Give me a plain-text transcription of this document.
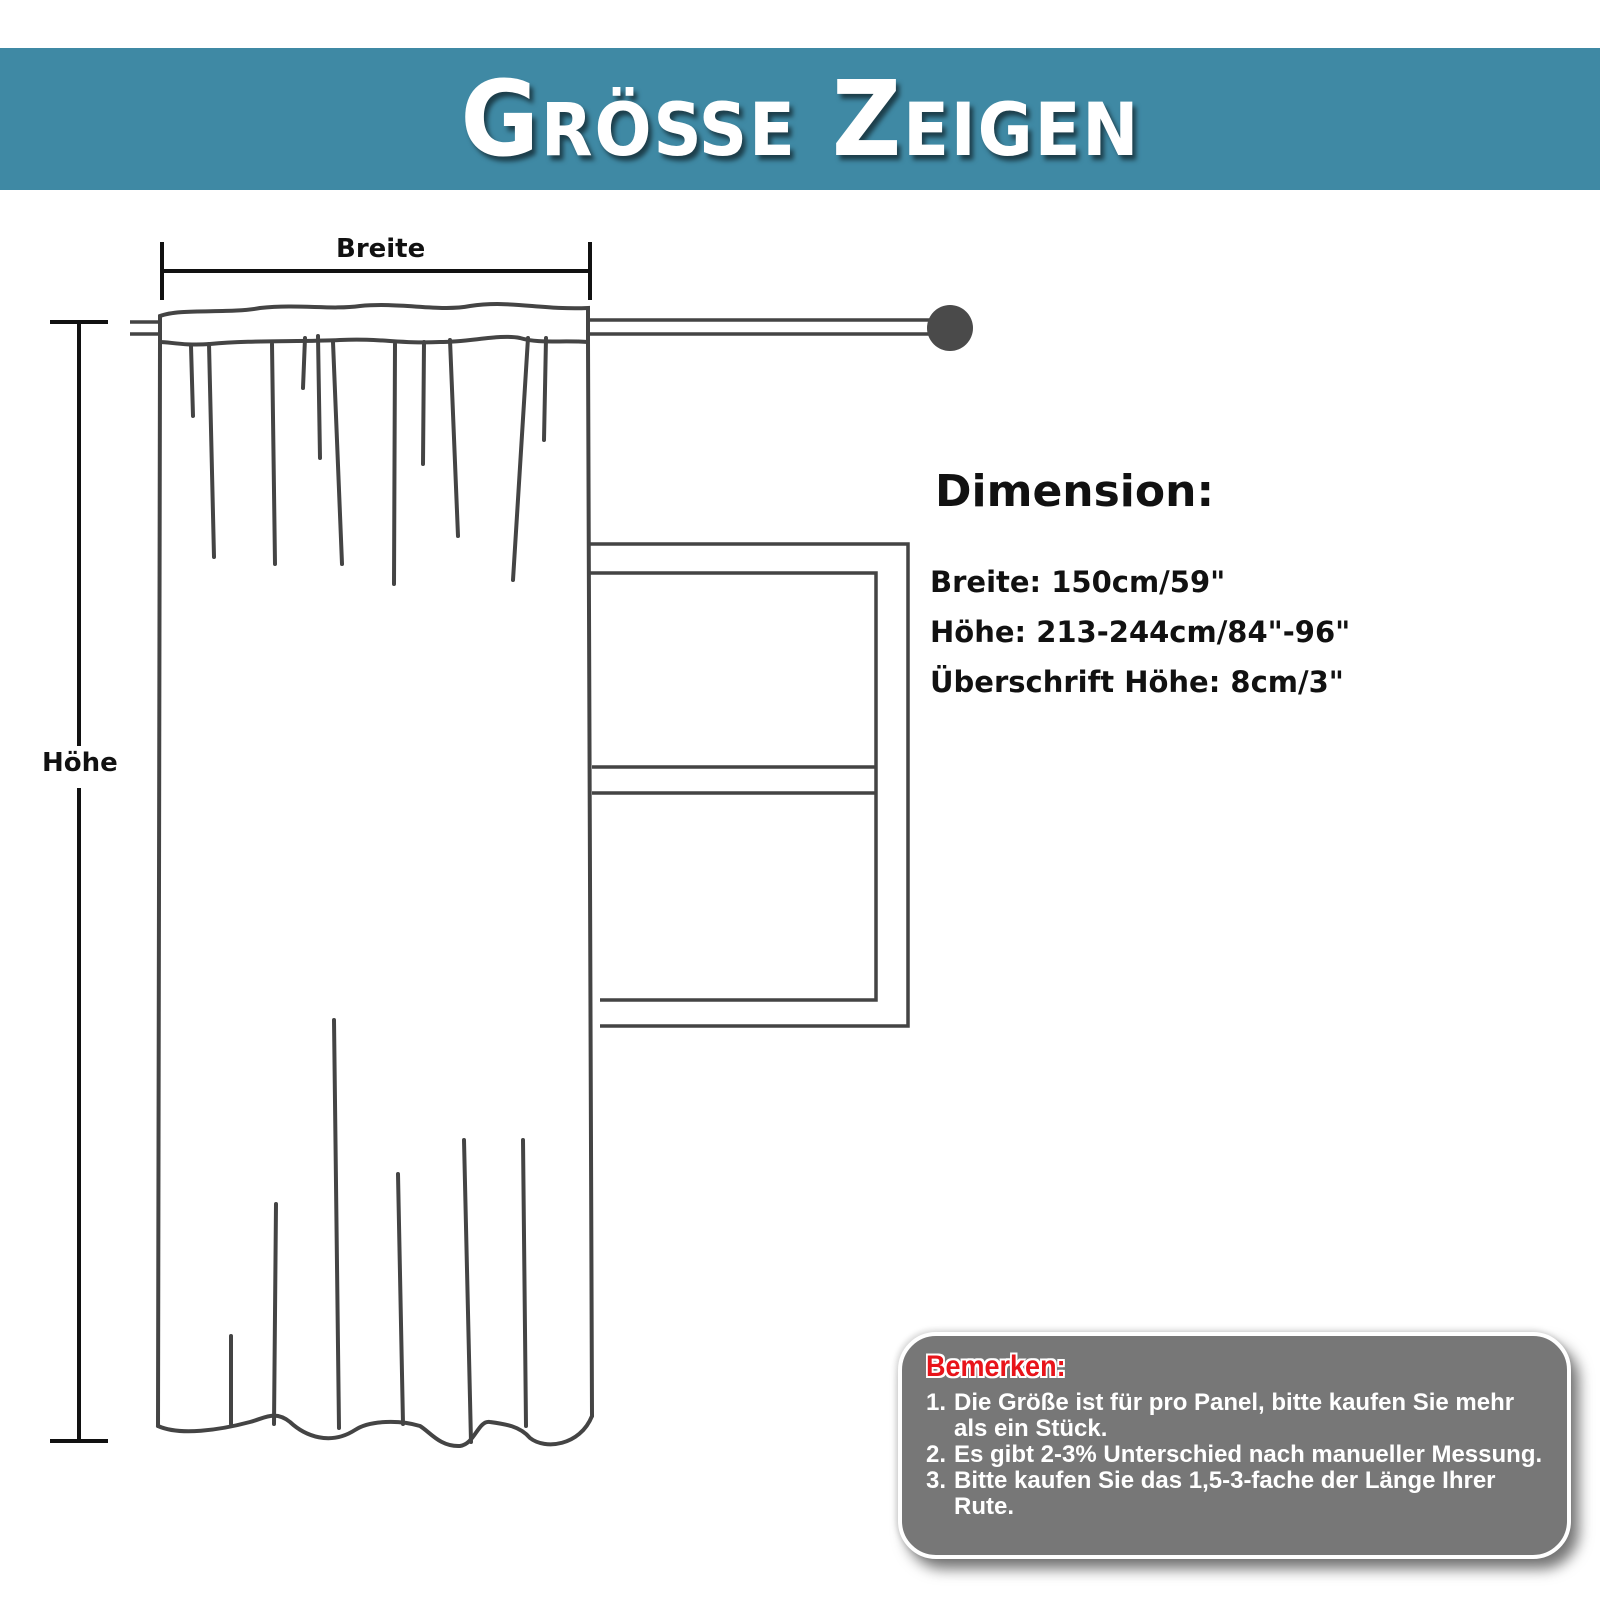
Größe Zeigen
Breite
Höhe
Dimension:
Breite: 150cm/59"
Höhe: 213-244cm/84"-96"
Überschrift Höhe: 8cm/3"
Bemerken:
1. Die Größe ist für pro Panel, bitte kaufen Sie mehr als ein Stück.
2. Es gibt 2-3% Unterschied nach manueller Messung.
3. Bitte kaufen Sie das 1,5-3-fache der Länge Ihrer Rute.
